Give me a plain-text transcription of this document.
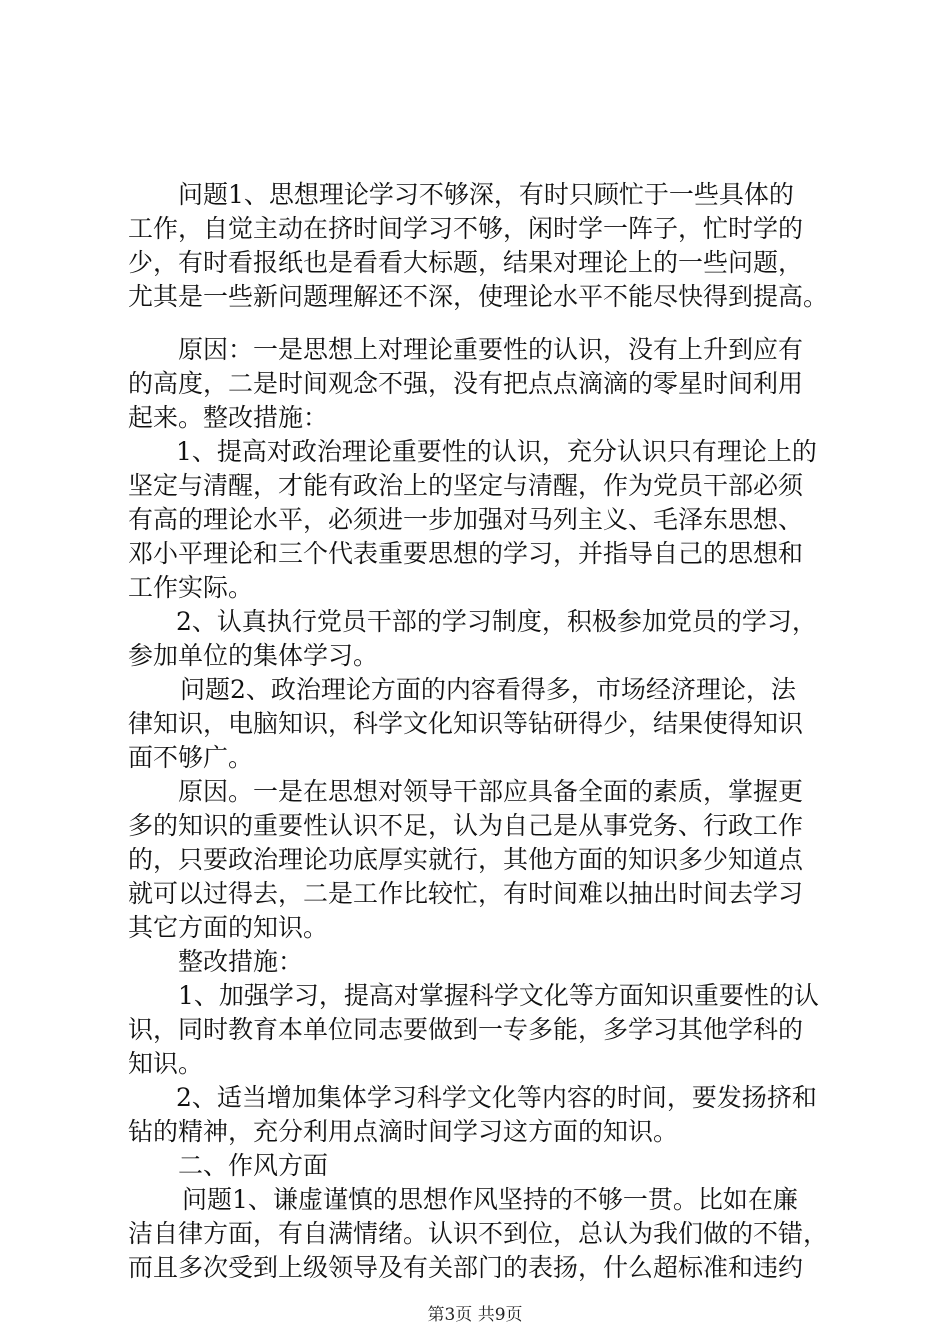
问题1、思想理论学习不够深，有时只顾忙于一些具体的
工作，自觉主动在挤时间学习不够，闲时学一阵子，忙时学的
少，有时看报纸也是看看大标题，结果对理论上的一些问题，
尤其是一些新问题理解还不深，使理论水平不能尽快得到提高。
原因：一是思想上对理论重要性的认识，没有上升到应有
的高度，二是时间观念不强，没有把点点滴滴的零星时间利用
起来。整改措施：
1、提高对政治理论重要性的认识，充分认识只有理论上的
坚定与清醒，才能有政治上的坚定与清醒，作为党员干部必须
有高的理论水平，必须进一步加强对马列主义、毛泽东思想、
邓小平理论和三个代表重要思想的学习，并指导自己的思想和
工作实际。
2、认真执行党员干部的学习制度，积极参加党员的学习，
参加单位的集体学习。
问题2、政治理论方面的内容看得多，市场经济理论，法
律知识，电脑知识，科学文化知识等钻研得少，结果使得知识
面不够广。
原因。一是在思想对领导干部应具备全面的素质，掌握更
多的知识的重要性认识不足，认为自己是从事党务、行政工作
的，只要政治理论功底厚实就行，其他方面的知识多少知道点
就可以过得去，二是工作比较忙，有时间难以抽出时间去学习
其它方面的知识。
整改措施：
1、加强学习，提高对掌握科学文化等方面知识重要性的认
识，同时教育本单位同志要做到一专多能，多学习其他学科的
知识。
2、适当增加集体学习科学文化等内容的时间，要发扬挤和
钻的精神，充分利用点滴时间学习这方面的知识。
二、作风方面
问题1、谦虚谨慎的思想作风坚持的不够一贯。比如在廉
洁自律方面，有自满情绪。认识不到位，总认为我们做的不错，
而且多次受到上级领导及有关部门的表扬，什么超标准和违约
第3页 共9页
